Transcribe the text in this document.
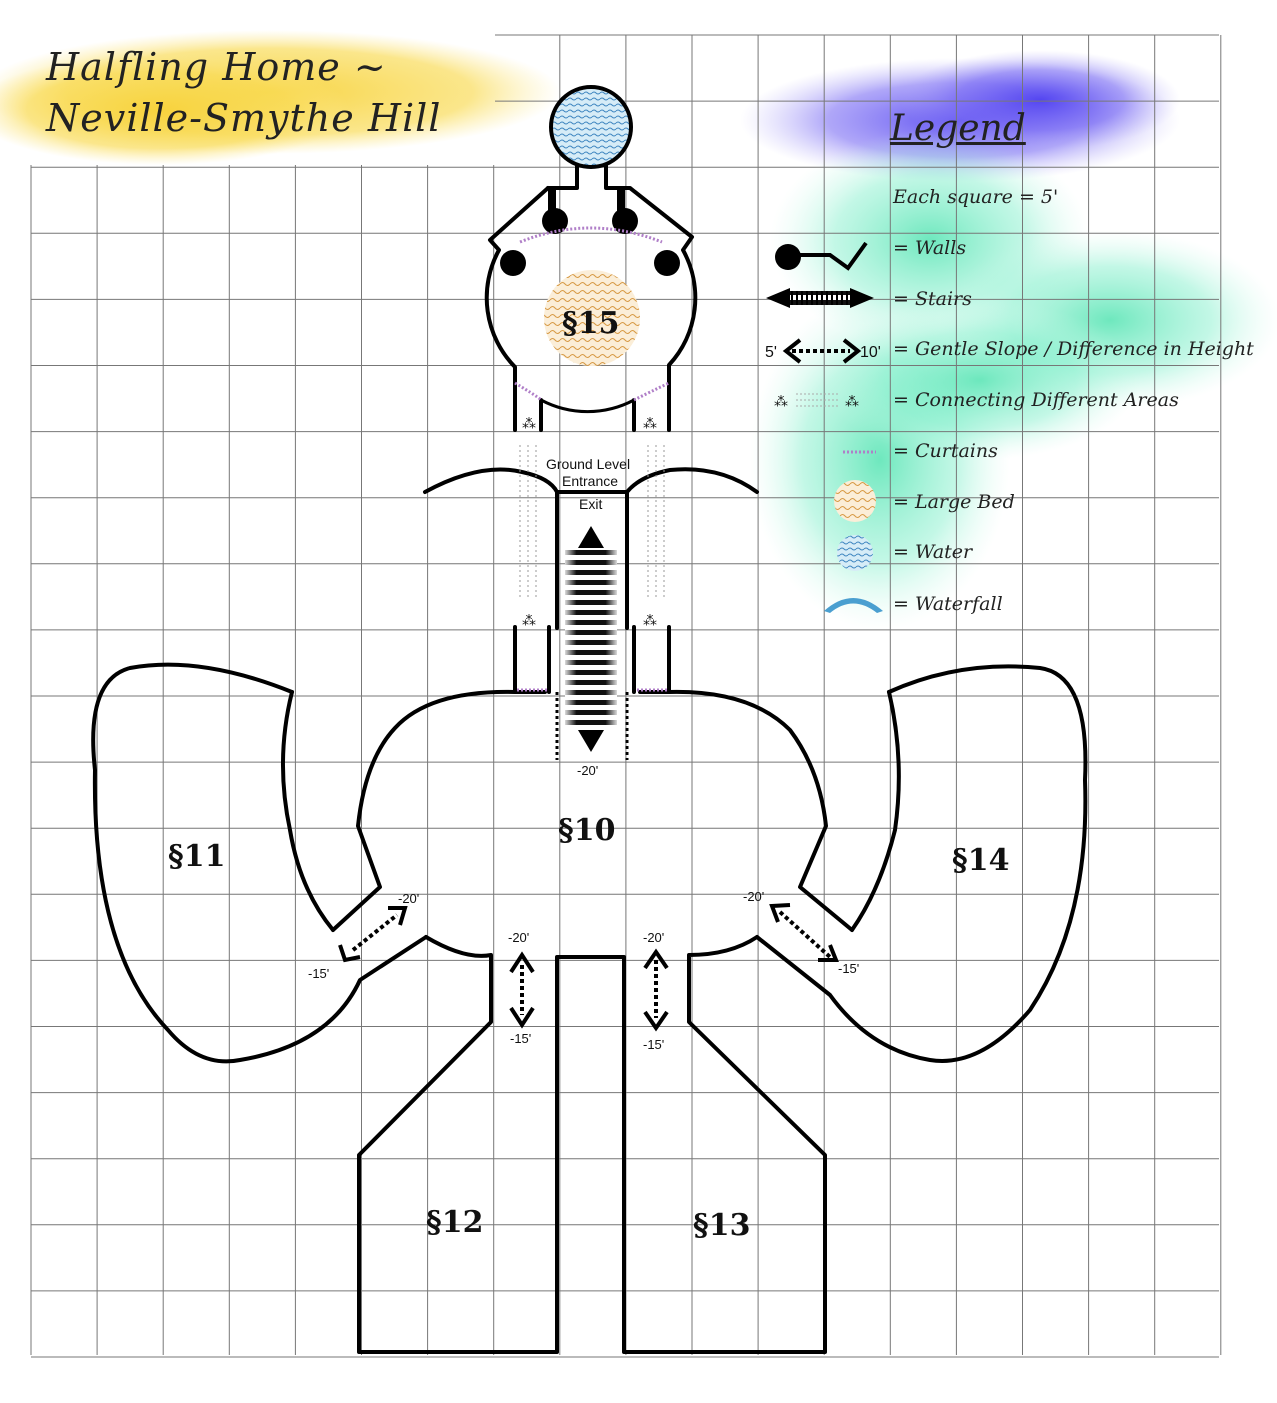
⁂	⁂
⁂	⁂
§15
§10
§11	§14
§12	§13
Ground Level
Entrance
Exit
-20'
-20'
-15'
-20'
-15'
-20'
-15'
-20'
-15'
⁂	⁂
Each square = 5'
= Walls
= Stairs
5'	10' = Gentle Slope / Difference in Height
= Connecting Different Areas
= Curtains
= Large Bed
= Water
= Waterfall
Halfling Home ~
Neville-Smythe Hill	Legend
